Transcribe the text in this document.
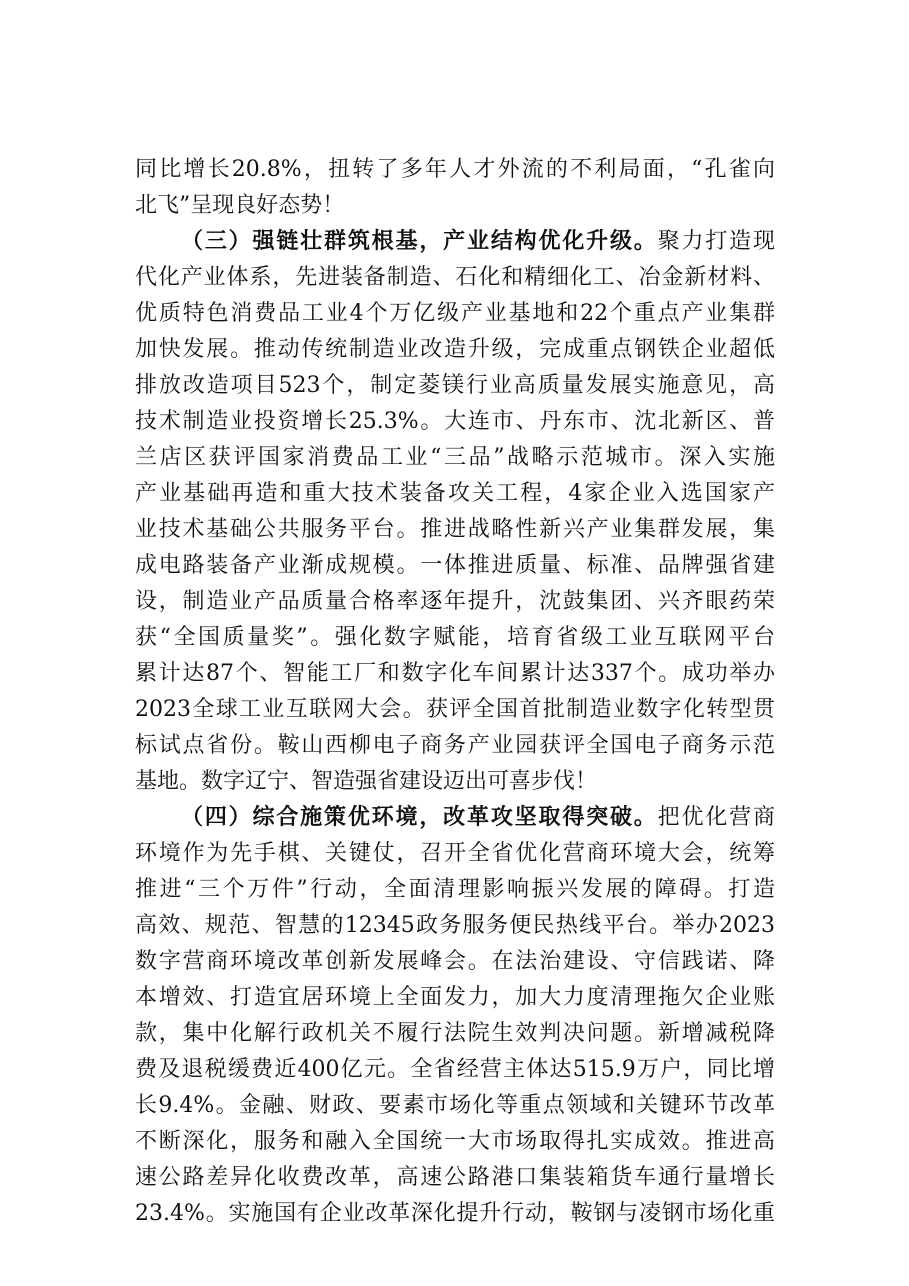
同比增长20.8%，扭转了多年人才外流的不利局面，“孔雀向
北飞”呈现良好态势！
（三）强链壮群筑根基，产业结构优化升级。聚力打造现
代化产业体系，先进装备制造、石化和精细化工、冶金新材料、
优质特色消费品工业4个万亿级产业基地和22个重点产业集群
加快发展。推动传统制造业改造升级，完成重点钢铁企业超低
排放改造项目523个，制定菱镁行业高质量发展实施意见，高
技术制造业投资增长25.3%。大连市、丹东市、沈北新区、普
兰店区获评国家消费品工业“三品”战略示范城市。深入实施
产业基础再造和重大技术装备攻关工程，4家企业入选国家产
业技术基础公共服务平台。推进战略性新兴产业集群发展，集
成电路装备产业渐成规模。一体推进质量、标准、品牌强省建
设，制造业产品质量合格率逐年提升，沈鼓集团、兴齐眼药荣
获“全国质量奖”。强化数字赋能，培育省级工业互联网平台
累计达87个、智能工厂和数字化车间累计达337个。成功举办
2023全球工业互联网大会。获评全国首批制造业数字化转型贯
标试点省份。鞍山西柳电子商务产业园获评全国电子商务示范
基地。数字辽宁、智造强省建设迈出可喜步伐！
（四）综合施策优环境，改革攻坚取得突破。把优化营商
环境作为先手棋、关键仗，召开全省优化营商环境大会，统筹
推进“三个万件”行动，全面清理影响振兴发展的障碍。打造
高效、规范、智慧的12345政务服务便民热线平台。举办2023
数字营商环境改革创新发展峰会。在法治建设、守信践诺、降
本增效、打造宜居环境上全面发力，加大力度清理拖欠企业账
款，集中化解行政机关不履行法院生效判决问题。新增减税降
费及退税缓费近400亿元。全省经营主体达515.9万户，同比增
长9.4%。金融、财政、要素市场化等重点领域和关键环节改革
不断深化，服务和融入全国统一大市场取得扎实成效。推进高
速公路差异化收费改革，高速公路港口集装箱货车通行量增长
23.4%。实施国有企业改革深化提升行动，鞍钢与凌钢市场化重
